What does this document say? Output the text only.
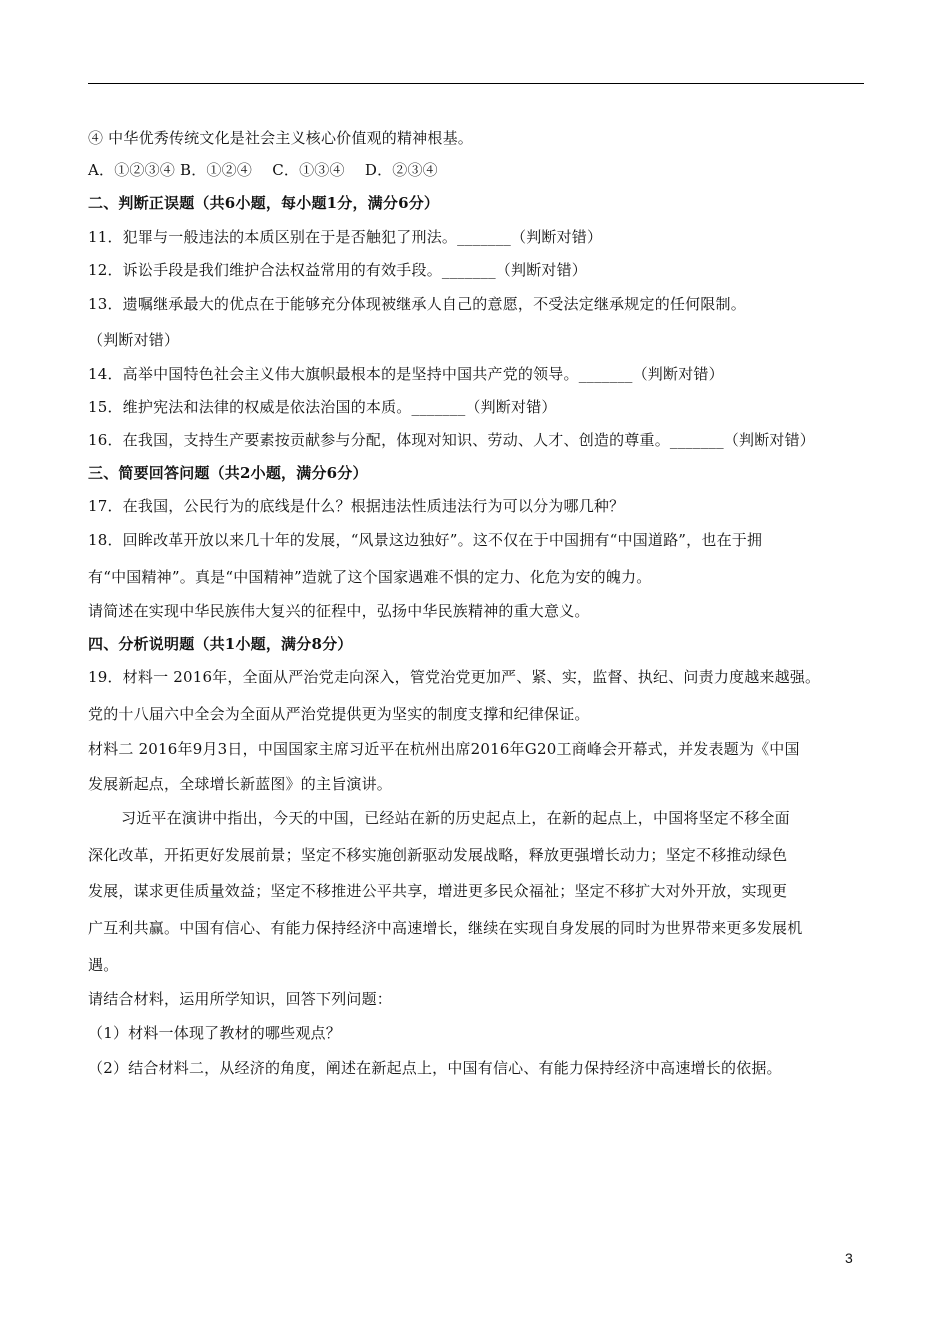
④ 中华优秀传统文化是社会主义核心价值观的精神根基。
A．①②③④ B．①②④　 C．①③④　 D．②③④
二、判断正误题（共6小题，每小题1分，满分6分）
11．犯罪与一般违法的本质区别在于是否触犯了刑法。_______（判断对错）
12．诉讼手段是我们维护合法权益常用的有效手段。_______（判断对错）
13．遗嘱继承最大的优点在于能够充分体现被继承人自己的意愿，不受法定继承规定的任何限制。
（判断对错）
14．高举中国特色社会主义伟大旗帜最根本的是坚持中国共产党的领导。_______（判断对错）
15．维护宪法和法律的权威是依法治国的本质。_______（判断对错）
16．在我国，支持生产要素按贡献参与分配，体现对知识、劳动、人才、创造的尊重。_______（判断对错）
三、简要回答问题（共2小题，满分6分）
17．在我国，公民行为的底线是什么？根据违法性质违法行为可以分为哪几种？
18．回眸改革开放以来几十年的发展，“风景这边独好”。这不仅在于中国拥有“中国道路”，也在于拥
有“中国精神”。真是“中国精神”造就了这个国家遇难不惧的定力、化危为安的魄力。
请简述在实现中华民族伟大复兴的征程中，弘扬中华民族精神的重大意义。
四、分析说明题（共1小题，满分8分）
19．材料一 2016年，全面从严治党走向深入，管党治党更加严、紧、实，监督、执纪、问责力度越来越强。
党的十八届六中全会为全面从严治党提供更为坚实的制度支撑和纪律保证。
材料二 2016年9月3日，中国国家主席习近平在杭州出席2016年G20工商峰会开幕式，并发表题为《中国
发展新起点，全球增长新蓝图》的主旨演讲。
习近平在演讲中指出，今天的中国，已经站在新的历史起点上，在新的起点上，中国将坚定不移全面
深化改革，开拓更好发展前景；坚定不移实施创新驱动发展战略，释放更强增长动力；坚定不移推动绿色
发展，谋求更佳质量效益；坚定不移推进公平共享，增进更多民众福祉；坚定不移扩大对外开放，实现更
广互利共赢。中国有信心、有能力保持经济中高速增长，继续在实现自身发展的同时为世界带来更多发展机
遇。
请结合材料，运用所学知识，回答下列问题：
（1）材料一体现了教材的哪些观点？
（2）结合材料二，从经济的角度，阐述在新起点上，中国有信心、有能力保持经济中高速增长的依据。
3
